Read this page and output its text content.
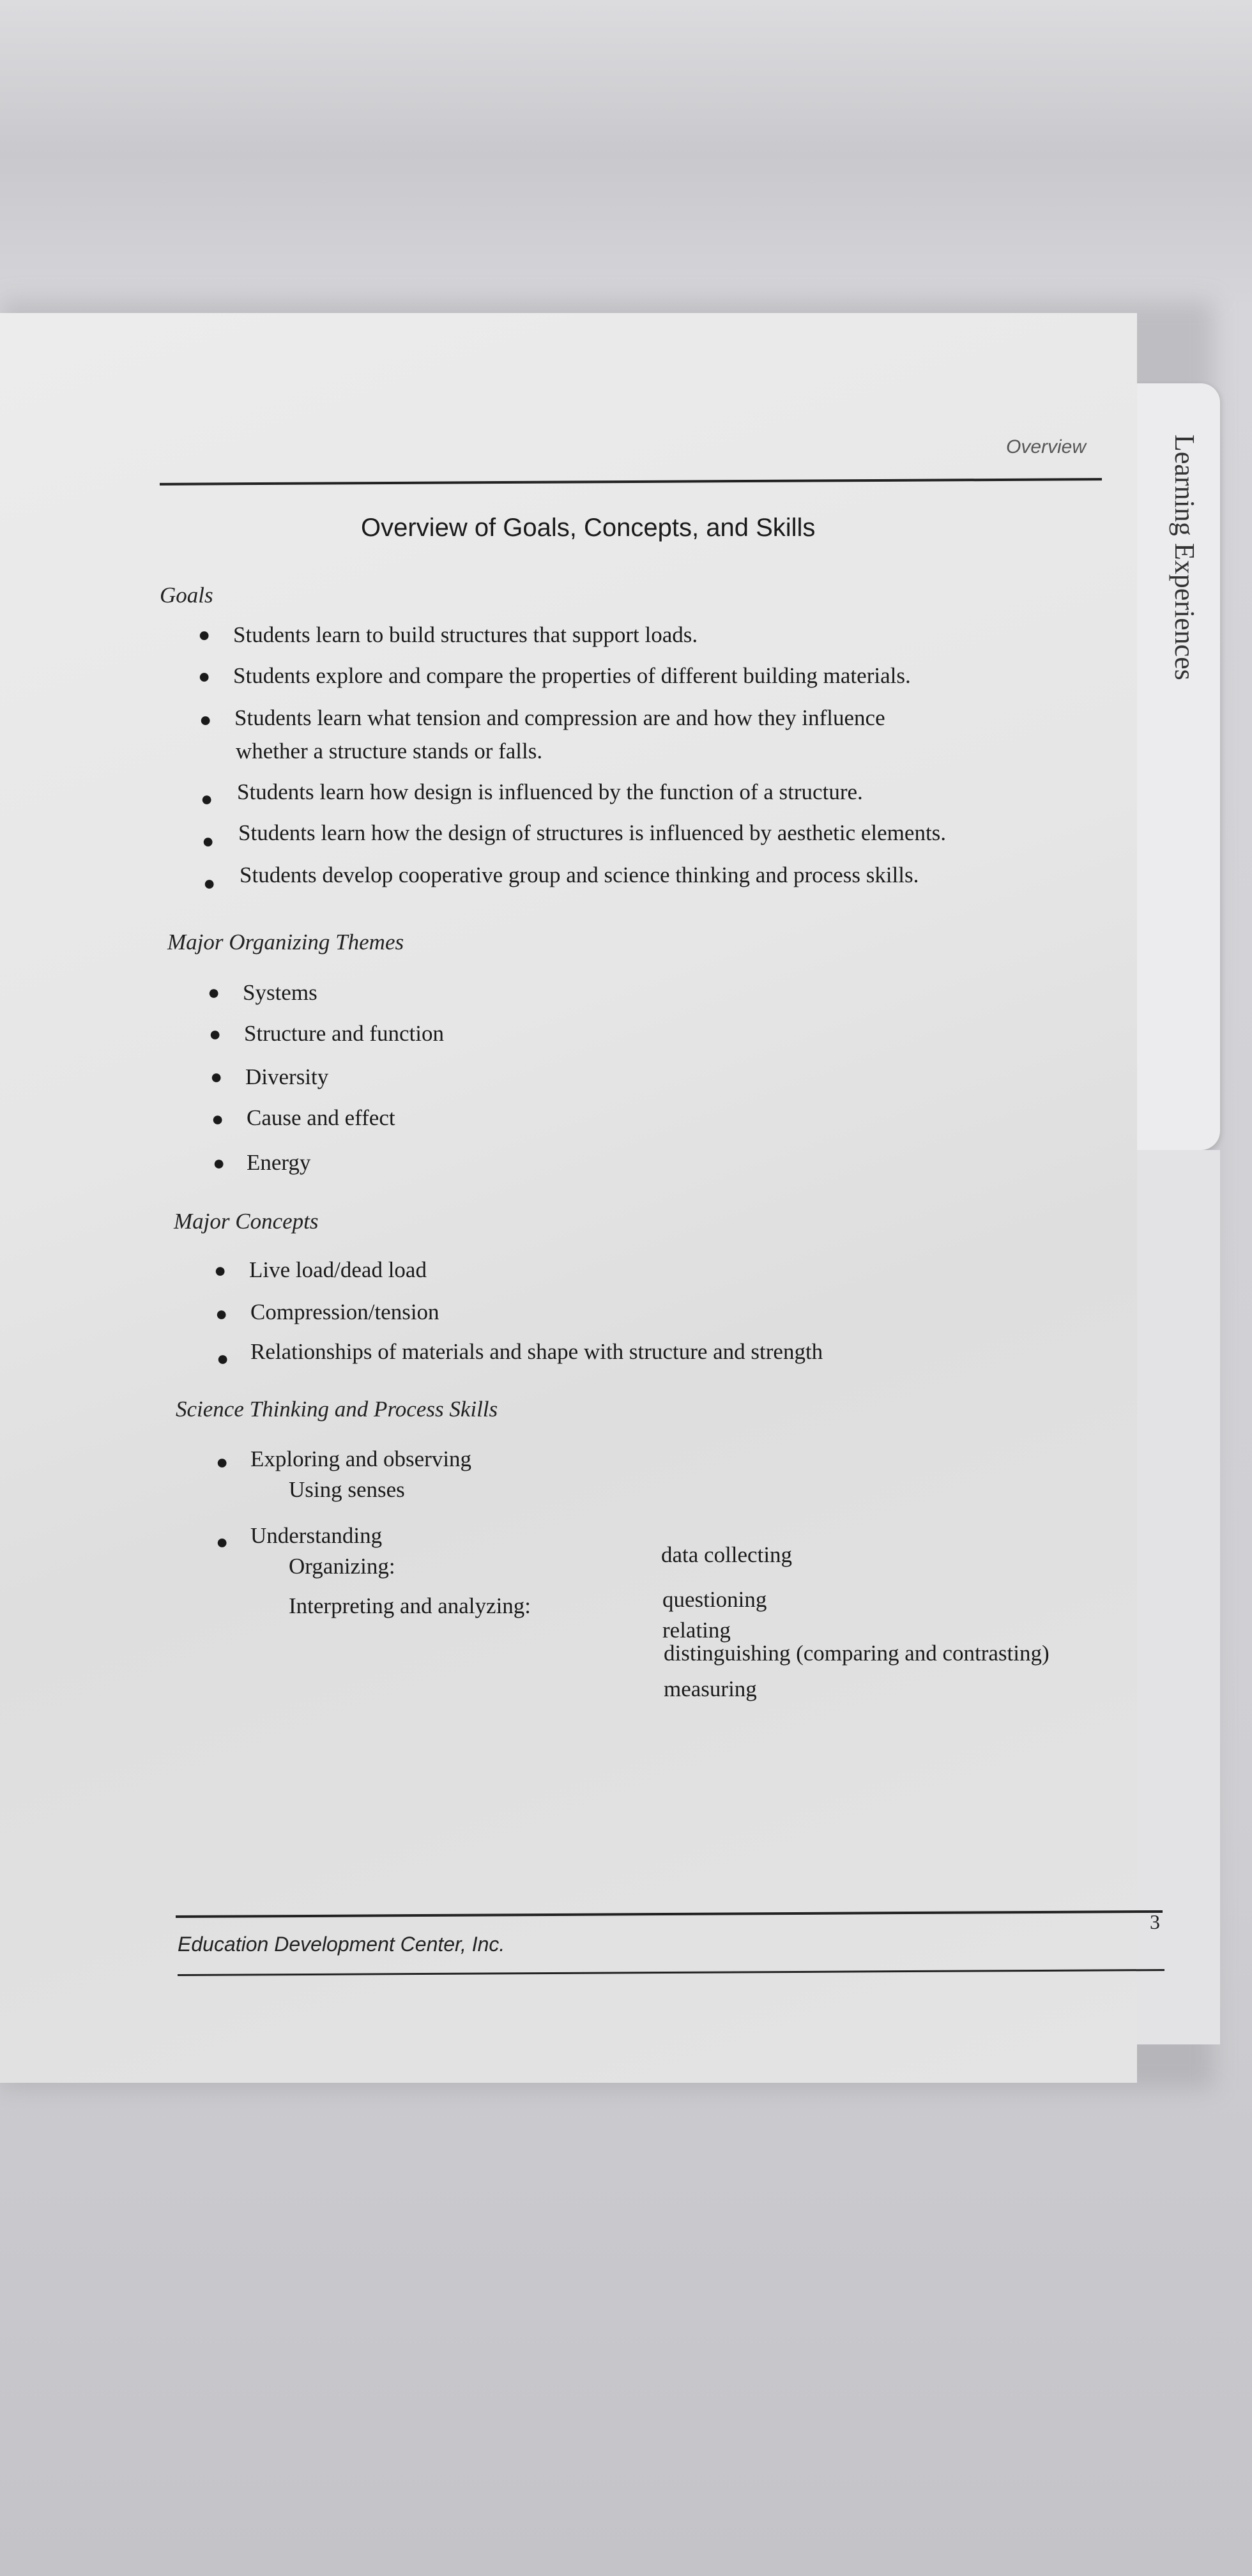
Learning Experiences
Overview
Overview of Goals, Concepts, and Skills
Goals
● Students learn to build structures that support loads.
● Students explore and compare the properties of different building materials.
● Students learn what tension and compression are and how they influence
whether a structure stands or falls.
● Students learn how design is influenced by the function of a structure.
● Students learn how the design of structures is influenced by aesthetic elements.
● Students develop cooperative group and science thinking and process skills.
Major Organizing Themes
● Systems
● Structure and function
● Diversity
● Cause and effect
● Energy
Major Concepts
● Live load/dead load
● Compression/tension
● Relationships of materials and shape with structure and strength
Science Thinking and Process Skills
● Exploring and observing
Using senses
● Understanding
Organizing:	data collecting
Interpreting and analyzing:	questioning
relating
distinguishing (comparing and contrasting)
measuring
3
Education Development Center, Inc.
